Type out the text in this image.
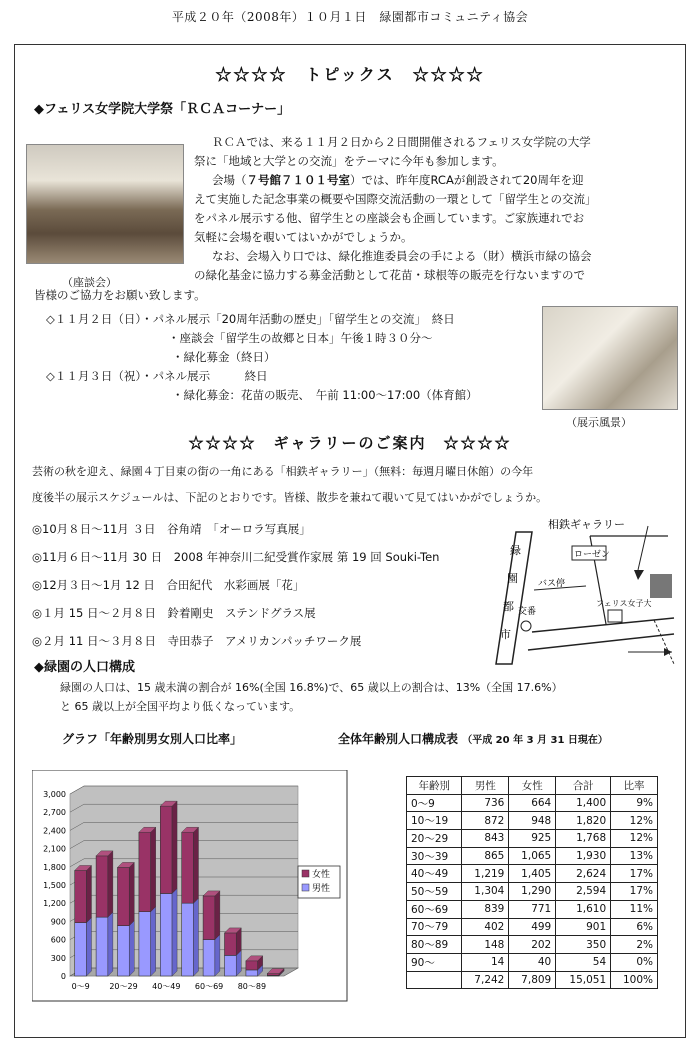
平成２０年（2008年）１０月１日　緑園都市コミュニティ協会
☆☆☆☆　トピックス　☆☆☆☆
◆フェリス女学院大学祭「ＲＣＡコーナー」
（座談会）
ＲＣＡでは、来る１１月２日から２日間開催されるフェリス女学院の大学
祭に「地域と大学との交流」をテーマに今年も参加します。
会場（７号館７１０１号室）では、昨年度RCAが創設されて20周年を迎
えて実施した記念事業の概要や国際交流活動の一環として「留学生との交流」
をパネル展示する他、留学生との座談会も企画しています。ご家族連れでお
気軽に会場を覗いてはいかがでしょうか。
なお、会場入り口では、緑化推進委員会の手による（財）横浜市緑の協会
の緑化基金に協力する募金活動として花苗・球根等の販売を行ないますので
皆様のご協力をお願い致します。
◇１１月２日（日）・パネル展示「20周年活動の歴史」「留学生との交流」　終日
・座談会「留学生の故郷と日本」午後１時３０分～
・緑化募金（終日）
◇１１月３日（祝）・パネル展示　　　終日
・緑化募金：花苗の販売、　午前 11:00～17:00（体育館）
（展示風景）
☆☆☆☆　ギャラリーのご案内　☆☆☆☆
芸術の秋を迎え、緑園４丁目東の街の一角にある「相鉄ギャラリー」（無料：毎週月曜日休館）の今年
度後半の展示スケジュールは、下記のとおりです。皆様、散歩を兼ねて覗いて見てはいかがでしょうか。
◎10月８日～11月 ３日　谷角靖　「オーロラ写真展」
◎11月６日～11月 30 日　2008 年神奈川二紀受賞作家展 第 19 回 Souki-Ten
◎12月３日～1月 12 日　合田紀代　水彩画展「花」
◎１月 15 日～２月８日　鈴着剛史　ステンドグラス展
◎２月 11 日～３月８日　寺田恭子　アメリカンパッチワーク展
相鉄ギャラリー
ローゼン
バス停
交番
フェリス女子大
緑
園
都
市
◆緑園の人口構成
緑園の人口は、15 歳未満の割合が 16%(全国 16.8%)で、65 歳以上の割合は、13%（全国 17.6%）
と 65 歳以上が全国平均より低くなっています。
グラフ「年齢別男女別人口比率」	全体年齢別人口構成表 （平成 20 年 3 月 31 日現在）
0
300
600
900
1,200
1,500
1,800
2,100
2,400
2,700
3,000
0～9 20～29 40～49 60～69 80～89
女性
男性
年齢別	男性	女性	合計	比率
0～9	736	664	1,400	9%
10～19	872	948	1,820	12%
20～29	843	925	1,768	12%
30～39	865	1,065	1,930	13%
40～49	1,219	1,405	2,624	17%
50～59	1,304	1,290	2,594	17%
60～69	839	771	1,610	11%
70～79	402	499	901	6%
80～89	148	202	350	2%
90～	14	40	54	0%
	7,242	7,809	15,051	100%
